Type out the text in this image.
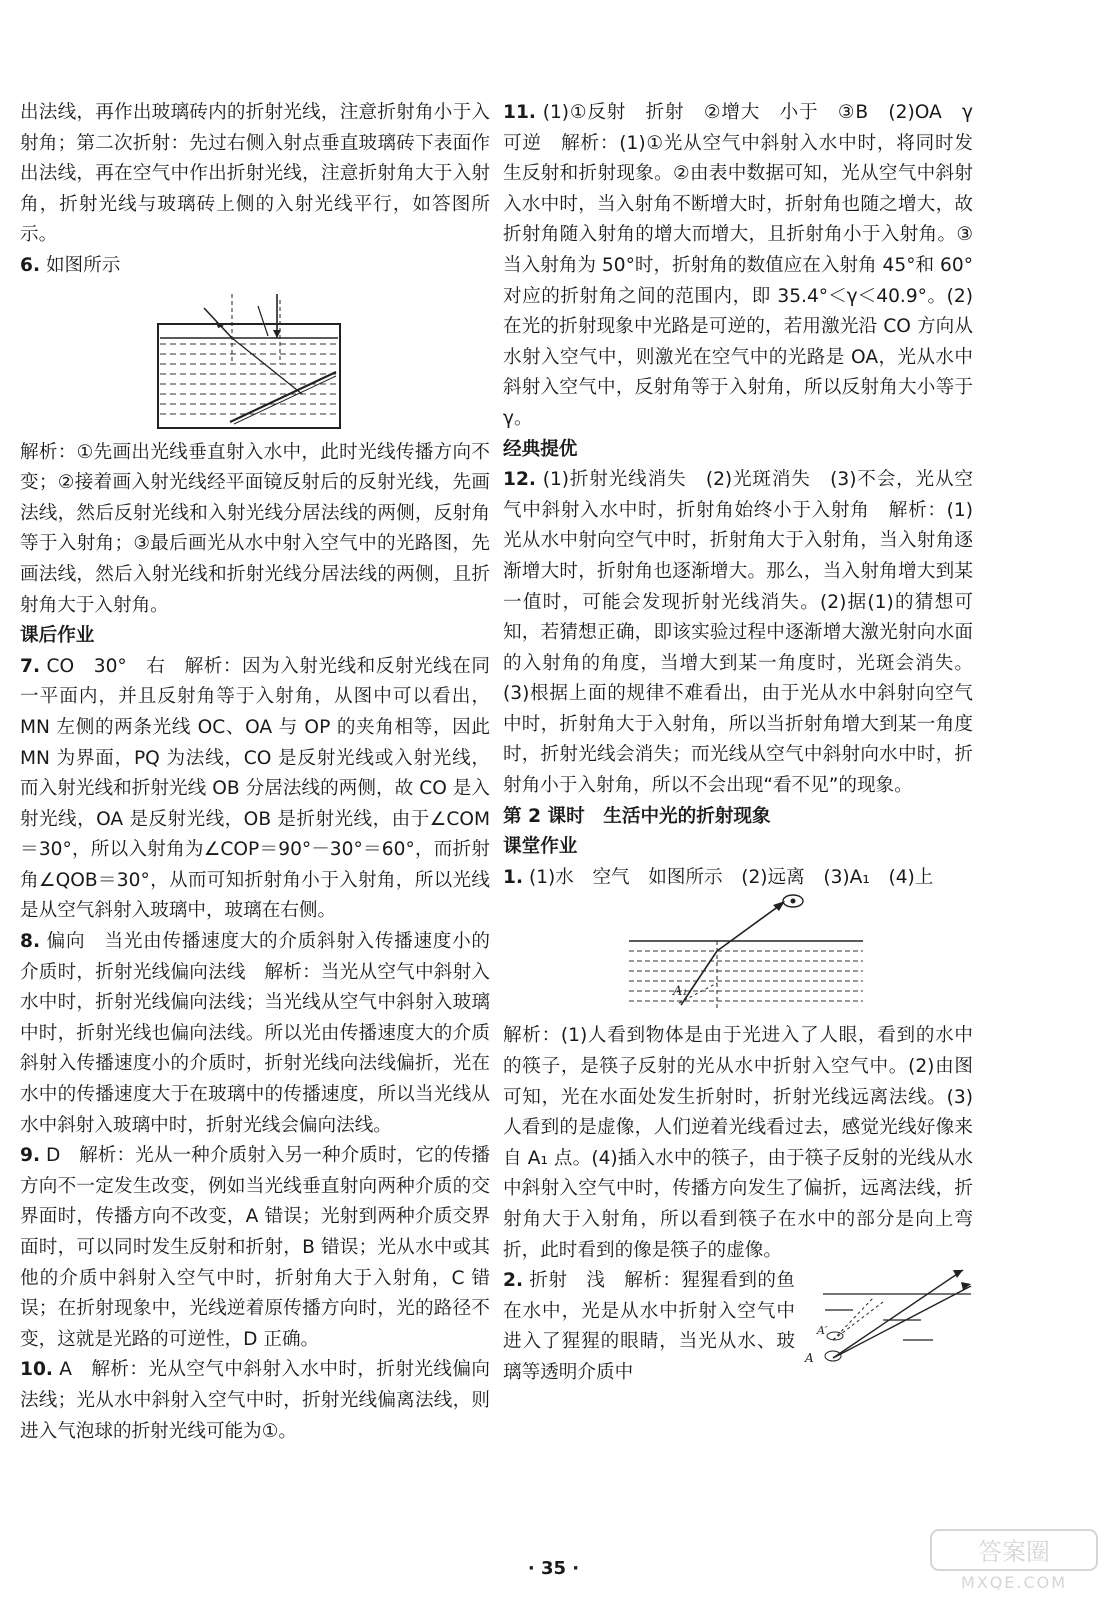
出法线，再作出玻璃砖内的折射光线，注意折射角小于入射角；第二次折射：先过右侧入射点垂直玻璃砖下表面作出法线，再在空气中作出折射光线，注意折射角大于入射角，折射光线与玻璃砖上侧的入射光线平行，如答图所示。

6. 如图所示

解析：①先画出光线垂直射入水中，此时光线传播方向不变；②接着画入射光线经平面镜反射后的反射光线，先画法线，然后反射光线和入射光线分居法线的两侧，反射角等于入射角；③最后画光从水中射入空气中的光路图，先画法线，然后入射光线和折射光线分居法线的两侧，且折射角大于入射角。

课后作业

7. CO　30°　右　解析：因为入射光线和反射光线在同一平面内，并且反射角等于入射角，从图中可以看出，MN 左侧的两条光线 OC、OA 与 OP 的夹角相等，因此 MN 为界面，PQ 为法线，CO 是反射光线或入射光线，而入射光线和折射光线 OB 分居法线的两侧，故 CO 是入射光线，OA 是反射光线，OB 是折射光线，由于∠COM＝30°，所以入射角为∠COP＝90°－30°＝60°，而折射角∠QOB＝30°，从而可知折射角小于入射角，所以光线是从空气斜射入玻璃中，玻璃在右侧。

8. 偏向　当光由传播速度大的介质斜射入传播速度小的介质时，折射光线偏向法线　解析：当光从空气中斜射入水中时，折射光线偏向法线；当光线从空气中斜射入玻璃中时，折射光线也偏向法线。所以光由传播速度大的介质斜射入传播速度小的介质时，折射光线向法线偏折，光在水中的传播速度大于在玻璃中的传播速度，所以当光线从水中斜射入玻璃中时，折射光线会偏向法线。

9. D　解析：光从一种介质射入另一种介质时，它的传播方向不一定发生改变，例如当光线垂直射向两种介质的交界面时，传播方向不改变，A 错误；光射到两种介质交界面时，可以同时发生反射和折射，B 错误；光从水中或其他的介质中斜射入空气中时，折射角大于入射角，C 错误；在折射现象中，光线逆着原传播方向时，光的路径不变，这就是光路的可逆性，D 正确。

10. A　解析：光从空气中斜射入水中时，折射光线偏向法线；光从水中斜射入空气中时，折射光线偏离法线，则进入气泡球的折射光线可能为①。

11. (1)①反射　折射　②增大　小于　③B　(2)OA　γ　可逆　解析：(1)①光从空气中斜射入水中时，将同时发生反射和折射现象。②由表中数据可知，光从空气中斜射入水中时，当入射角不断增大时，折射角也随之增大，故折射角随入射角的增大而增大，且折射角小于入射角。③当入射角为 50°时，折射角的数值应在入射角 45°和 60°对应的折射角之间的范围内，即 35.4°＜γ＜40.9°。(2)在光的折射现象中光路是可逆的，若用激光沿 CO 方向从水射入空气中，则激光在空气中的光路是 OA，光从水中斜射入空气中，反射角等于入射角，所以反射角大小等于γ。

经典提优

12. (1)折射光线消失　(2)光斑消失　(3)不会，光从空气中斜射入水中时，折射角始终小于入射角　解析：(1)光从水中射向空气中时，折射角大于入射角，当入射角逐渐增大时，折射角也逐渐增大。那么，当入射角增大到某一值时，可能会发现折射光线消失。(2)据(1)的猜想可知，若猜想正确，即该实验过程中逐渐增大激光射向水面的入射角的角度，当增大到某一角度时，光斑会消失。(3)根据上面的规律不难看出，由于光从水中斜射向空气中时，折射角大于入射角，所以当折射角增大到某一角度时，折射光线会消失；而光线从空气中斜射向水中时，折射角小于入射角，所以不会出现“看不见”的现象。

第 2 课时　生活中光的折射现象

课堂作业

1. (1)水　空气　如图所示　(2)远离　(3)A₁　(4)上

A₁

解析：(1)人看到物体是由于光进入了人眼，看到的水中的筷子，是筷子反射的光从水中折射入空气中。(2)由图可知，光在水面处发生折射时，折射光线远离法线。(3)人看到的是虚像，人们逆着光线看过去，感觉光线好像来自 A₁ 点。(4)插入水中的筷子，由于筷子反射的光线从水中斜射入空气中时，传播方向发生了偏折，远离法线，折射角大于入射角，所以看到筷子在水中的部分是向上弯折，此时看到的像是筷子的虚像。

A
A′

2. 折射　浅　解析：猩猩看到的鱼在水中，光是从水中折射入空气中进入了猩猩的眼睛，当光从水、玻璃等透明介质中

· 35 ·
答案圈
MXQE.COM
